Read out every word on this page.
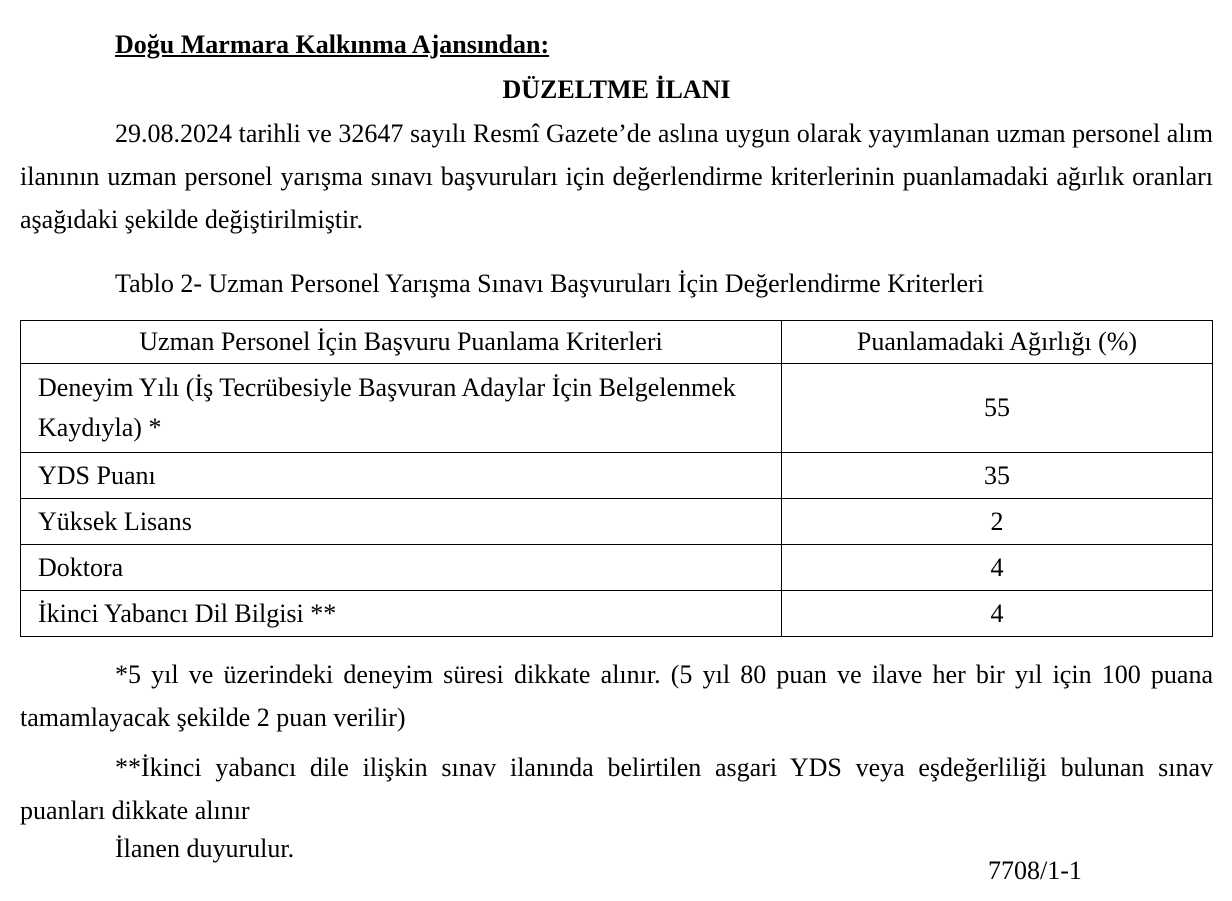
Doğu Marmara Kalkınma Ajansından:
DÜZELTME İLANI
29.08.2024 tarihli ve 32647 sayılı Resmî Gazete’de aslına uygun olarak yayımlanan uzman personel alım ilanının uzman personel yarışma sınavı başvuruları için değerlendirme kriterlerinin puanlamadaki ağırlık oranları aşağıdaki şekilde değiştirilmiştir.
Tablo 2- Uzman Personel Yarışma Sınavı Başvuruları İçin Değerlendirme Kriterleri
Uzman Personel İçin Başvuru Puanlama Kriterleri	Puanlamadaki Ağırlığı (%)
Deneyim Yılı (İş Tecrübesiyle Başvuran Adaylar İçin Belgelenmek Kaydıyla) *	55
YDS Puanı	35
Yüksek Lisans	2
Doktora	4
İkinci Yabancı Dil Bilgisi **	4
*5 yıl ve üzerindeki deneyim süresi dikkate alınır. (5 yıl 80 puan ve ilave her bir yıl için 100 puana tamamlayacak şekilde 2 puan verilir)
**İkinci yabancı dile ilişkin sınav ilanında belirtilen asgari YDS veya eşdeğerliliği bulunan sınav puanları dikkate alınır
İlanen duyurulur.
7708/1-1
